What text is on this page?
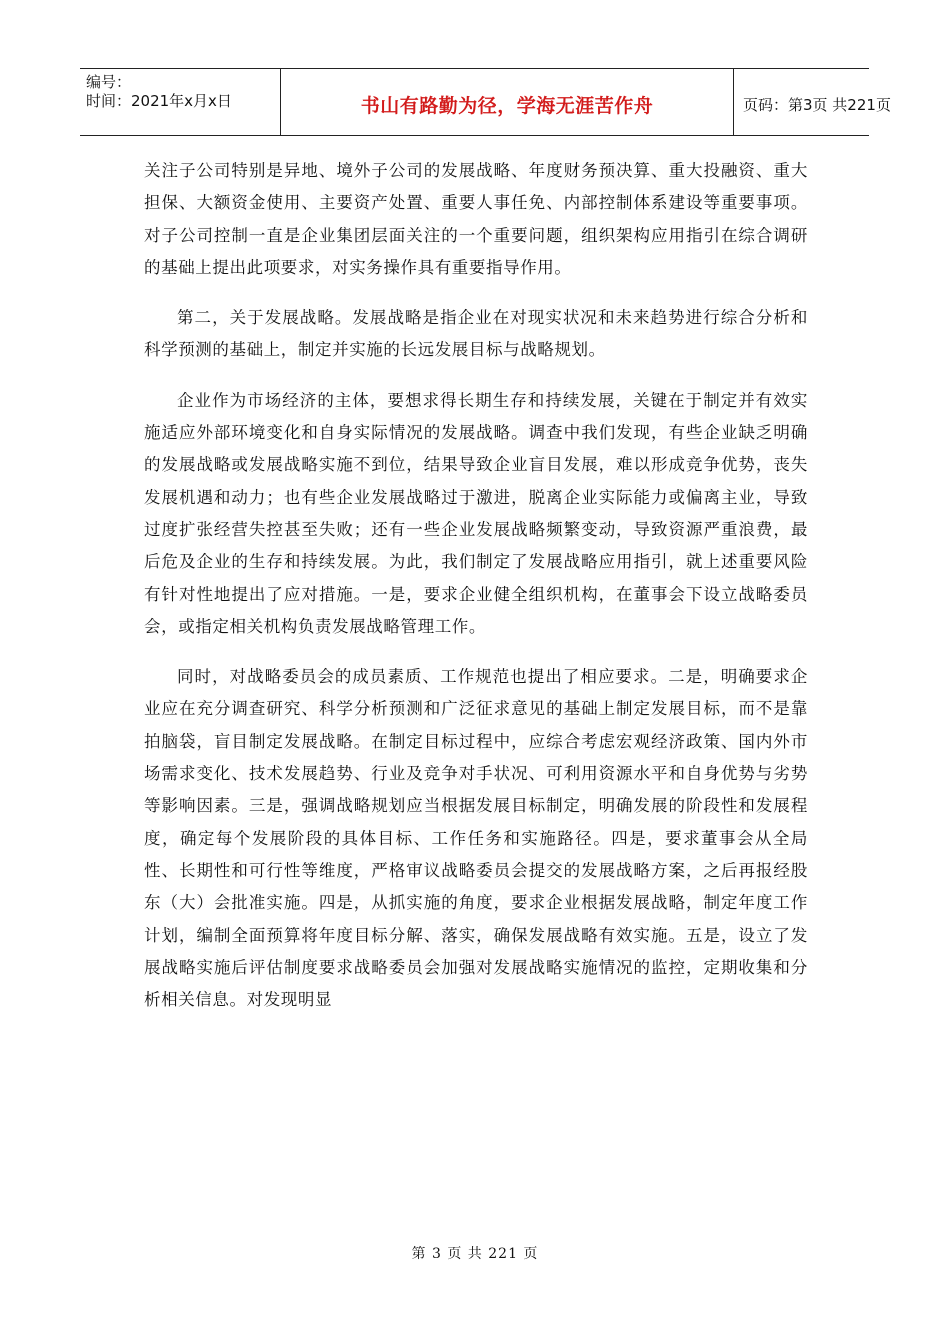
编号：
时间：2021年x月x日	书山有路勤为径，学海无涯苦作舟	页码：第3页 共221页

关注子公司特别是异地、境外子公司的发展战略、年度财务预决算、重大投融资、重大担保、大额资金使用、主要资产处置、重要人事任免、内部控制体系建设等重要事项。对子公司控制一直是企业集团层面关注的一个重要问题，组织架构应用指引在综合调研的基础上提出此项要求，对实务操作具有重要指导作用。

第二，关于发展战略。发展战略是指企业在对现实状况和未来趋势进行综合分析和科学预测的基础上，制定并实施的长远发展目标与战略规划。

企业作为市场经济的主体，要想求得长期生存和持续发展，关键在于制定并有效实施适应外部环境变化和自身实际情况的发展战略。调查中我们发现，有些企业缺乏明确的发展战略或发展战略实施不到位，结果导致企业盲目发展，难以形成竞争优势，丧失发展机遇和动力；也有些企业发展战略过于激进，脱离企业实际能力或偏离主业，导致过度扩张经营失控甚至失败；还有一些企业发展战略频繁变动，导致资源严重浪费，最后危及企业的生存和持续发展。为此，我们制定了发展战略应用指引，就上述重要风险有针对性地提出了应对措施。一是，要求企业健全组织机构，在董事会下设立战略委员会，或指定相关机构负责发展战略管理工作。

同时，对战略委员会的成员素质、工作规范也提出了相应要求。二是，明确要求企业应在充分调查研究、科学分析预测和广泛征求意见的基础上制定发展目标，而不是靠拍脑袋，盲目制定发展战略。在制定目标过程中，应综合考虑宏观经济政策、国内外市场需求变化、技术发展趋势、行业及竞争对手状况、可利用资源水平和自身优势与劣势等影响因素。三是，强调战略规划应当根据发展目标制定，明确发展的阶段性和发展程度，确定每个发展阶段的具体目标、工作任务和实施路径。四是，要求董事会从全局性、长期性和可行性等维度，严格审议战略委员会提交的发展战略方案，之后再报经股东（大）会批准实施。四是，从抓实施的角度，要求企业根据发展战略，制定年度工作计划，编制全面预算将年度目标分解、落实，确保发展战略有效实施。五是，设立了发展战略实施后评估制度要求战略委员会加强对发展战略实施情况的监控，定期收集和分析相关信息。对发现明显

第 3 页 共 221 页
